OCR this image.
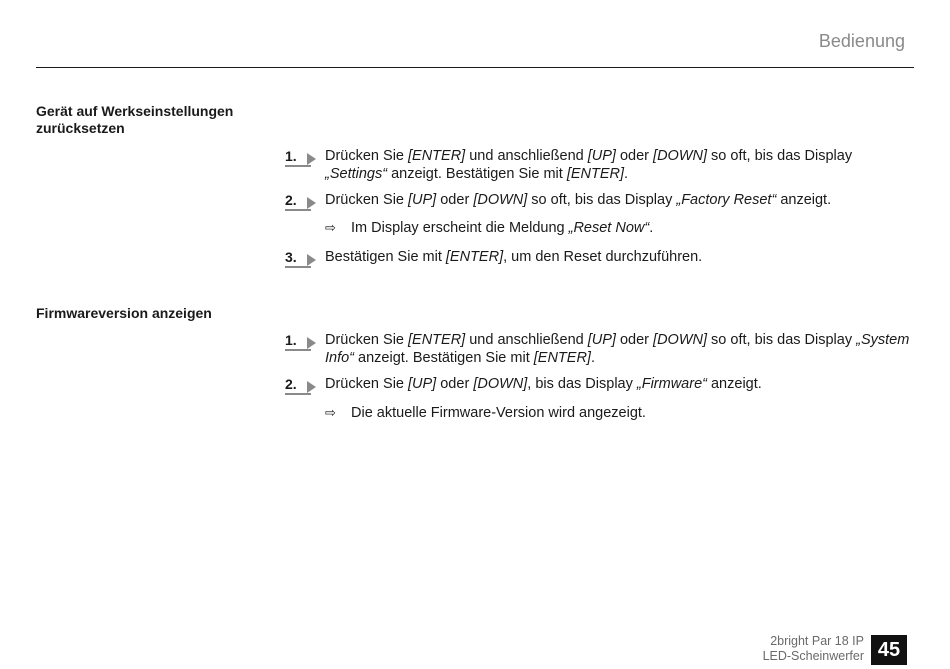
Bedienung
Gerät auf Werkseinstellungen zurücksetzen
1.	Drücken Sie [ENTER] und anschließend [UP] oder [DOWN] so oft, bis das Display „Settings“ anzeigt. Bestätigen Sie mit [ENTER].
2.	Drücken Sie [UP] oder [DOWN] so oft, bis das Display „Factory Reset“ anzeigt.
⇨ Im Display erscheint die Meldung „Reset Now“.
3.	Bestätigen Sie mit [ENTER], um den Reset durchzuführen.
Firmwareversion anzeigen
1.	Drücken Sie [ENTER] und anschließend [UP] oder [DOWN] so oft, bis das Display „System Info“ anzeigt. Bestätigen Sie mit [ENTER].
2.	Drücken Sie [UP] oder [DOWN], bis das Display „Firmware“ anzeigt.
⇨ Die aktuelle Firmware-Version wird angezeigt.
2bright Par 18 IP
LED-Scheinwerfer 45
